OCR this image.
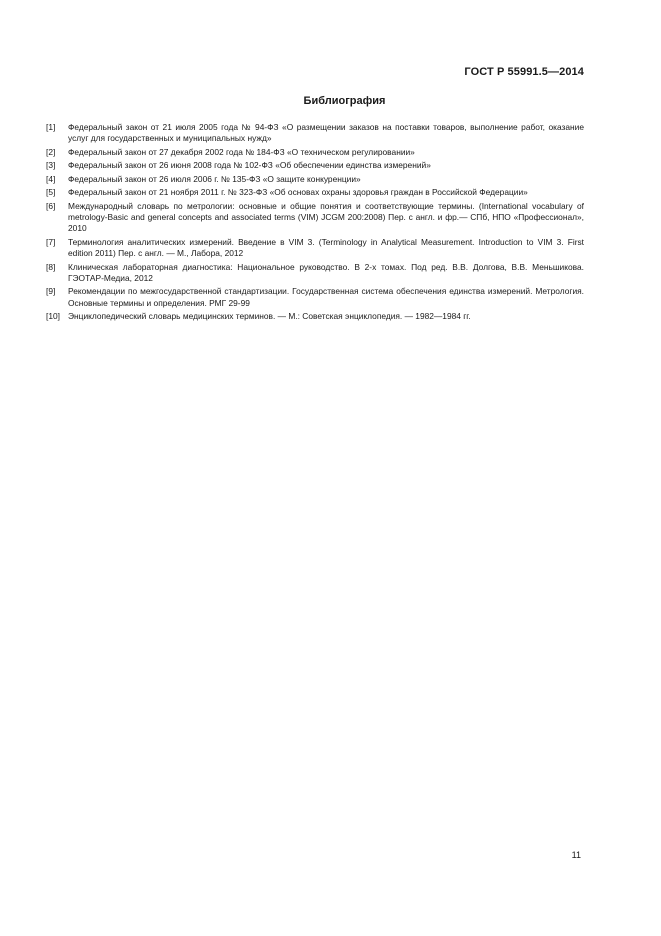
ГОСТ Р 55991.5—2014
Библиография
[1]	Федеральный закон от 21 июля 2005 года № 94-ФЗ «О размещении заказов на поставки товаров, выполнение работ, оказание услуг для государственных и муниципальных нужд»
[2]	Федеральный закон от 27 декабря 2002 года № 184-ФЗ «О техническом регулировании»
[3]	Федеральный закон от 26 июня 2008 года № 102-ФЗ «Об обеспечении единства измерений»
[4]	Федеральный закон от 26 июля 2006 г. № 135-ФЗ «О защите конкуренции»
[5]	Федеральный закон от 21 ноября 2011 г. № 323-ФЗ «Об основах охраны здоровья граждан в Российской Федерации»
[6]	Международный словарь по метрологии: основные и общие понятия и соответствующие термины. (International vocabulary of metrology-Basic and general concepts and associated terms (VIM) JCGM 200:2008) Пер. с англ. и фр.— СПб, НПО «Профессионал», 2010
[7]	Терминология аналитических измерений. Введение в VIM 3. (Terminology in Analytical Measurement. Introduction to VIM 3. First edition 2011) Пер. с англ. — М., Лабора, 2012
[8]	Клиническая лабораторная диагностика: Национальное руководство. В 2-х томах. Под ред. В.В. Долгова, В.В. Меньшикова. ГЭОТАР-Медиа, 2012
[9]	Рекомендации по межгосударственной стандартизации. Государственная система обеспечения единства измерений. Метрология. Основные термины и определения. РМГ 29-99
[10] Энциклопедический словарь медицинских терминов. — М.: Советская энциклопедия. — 1982—1984 гг.
11
